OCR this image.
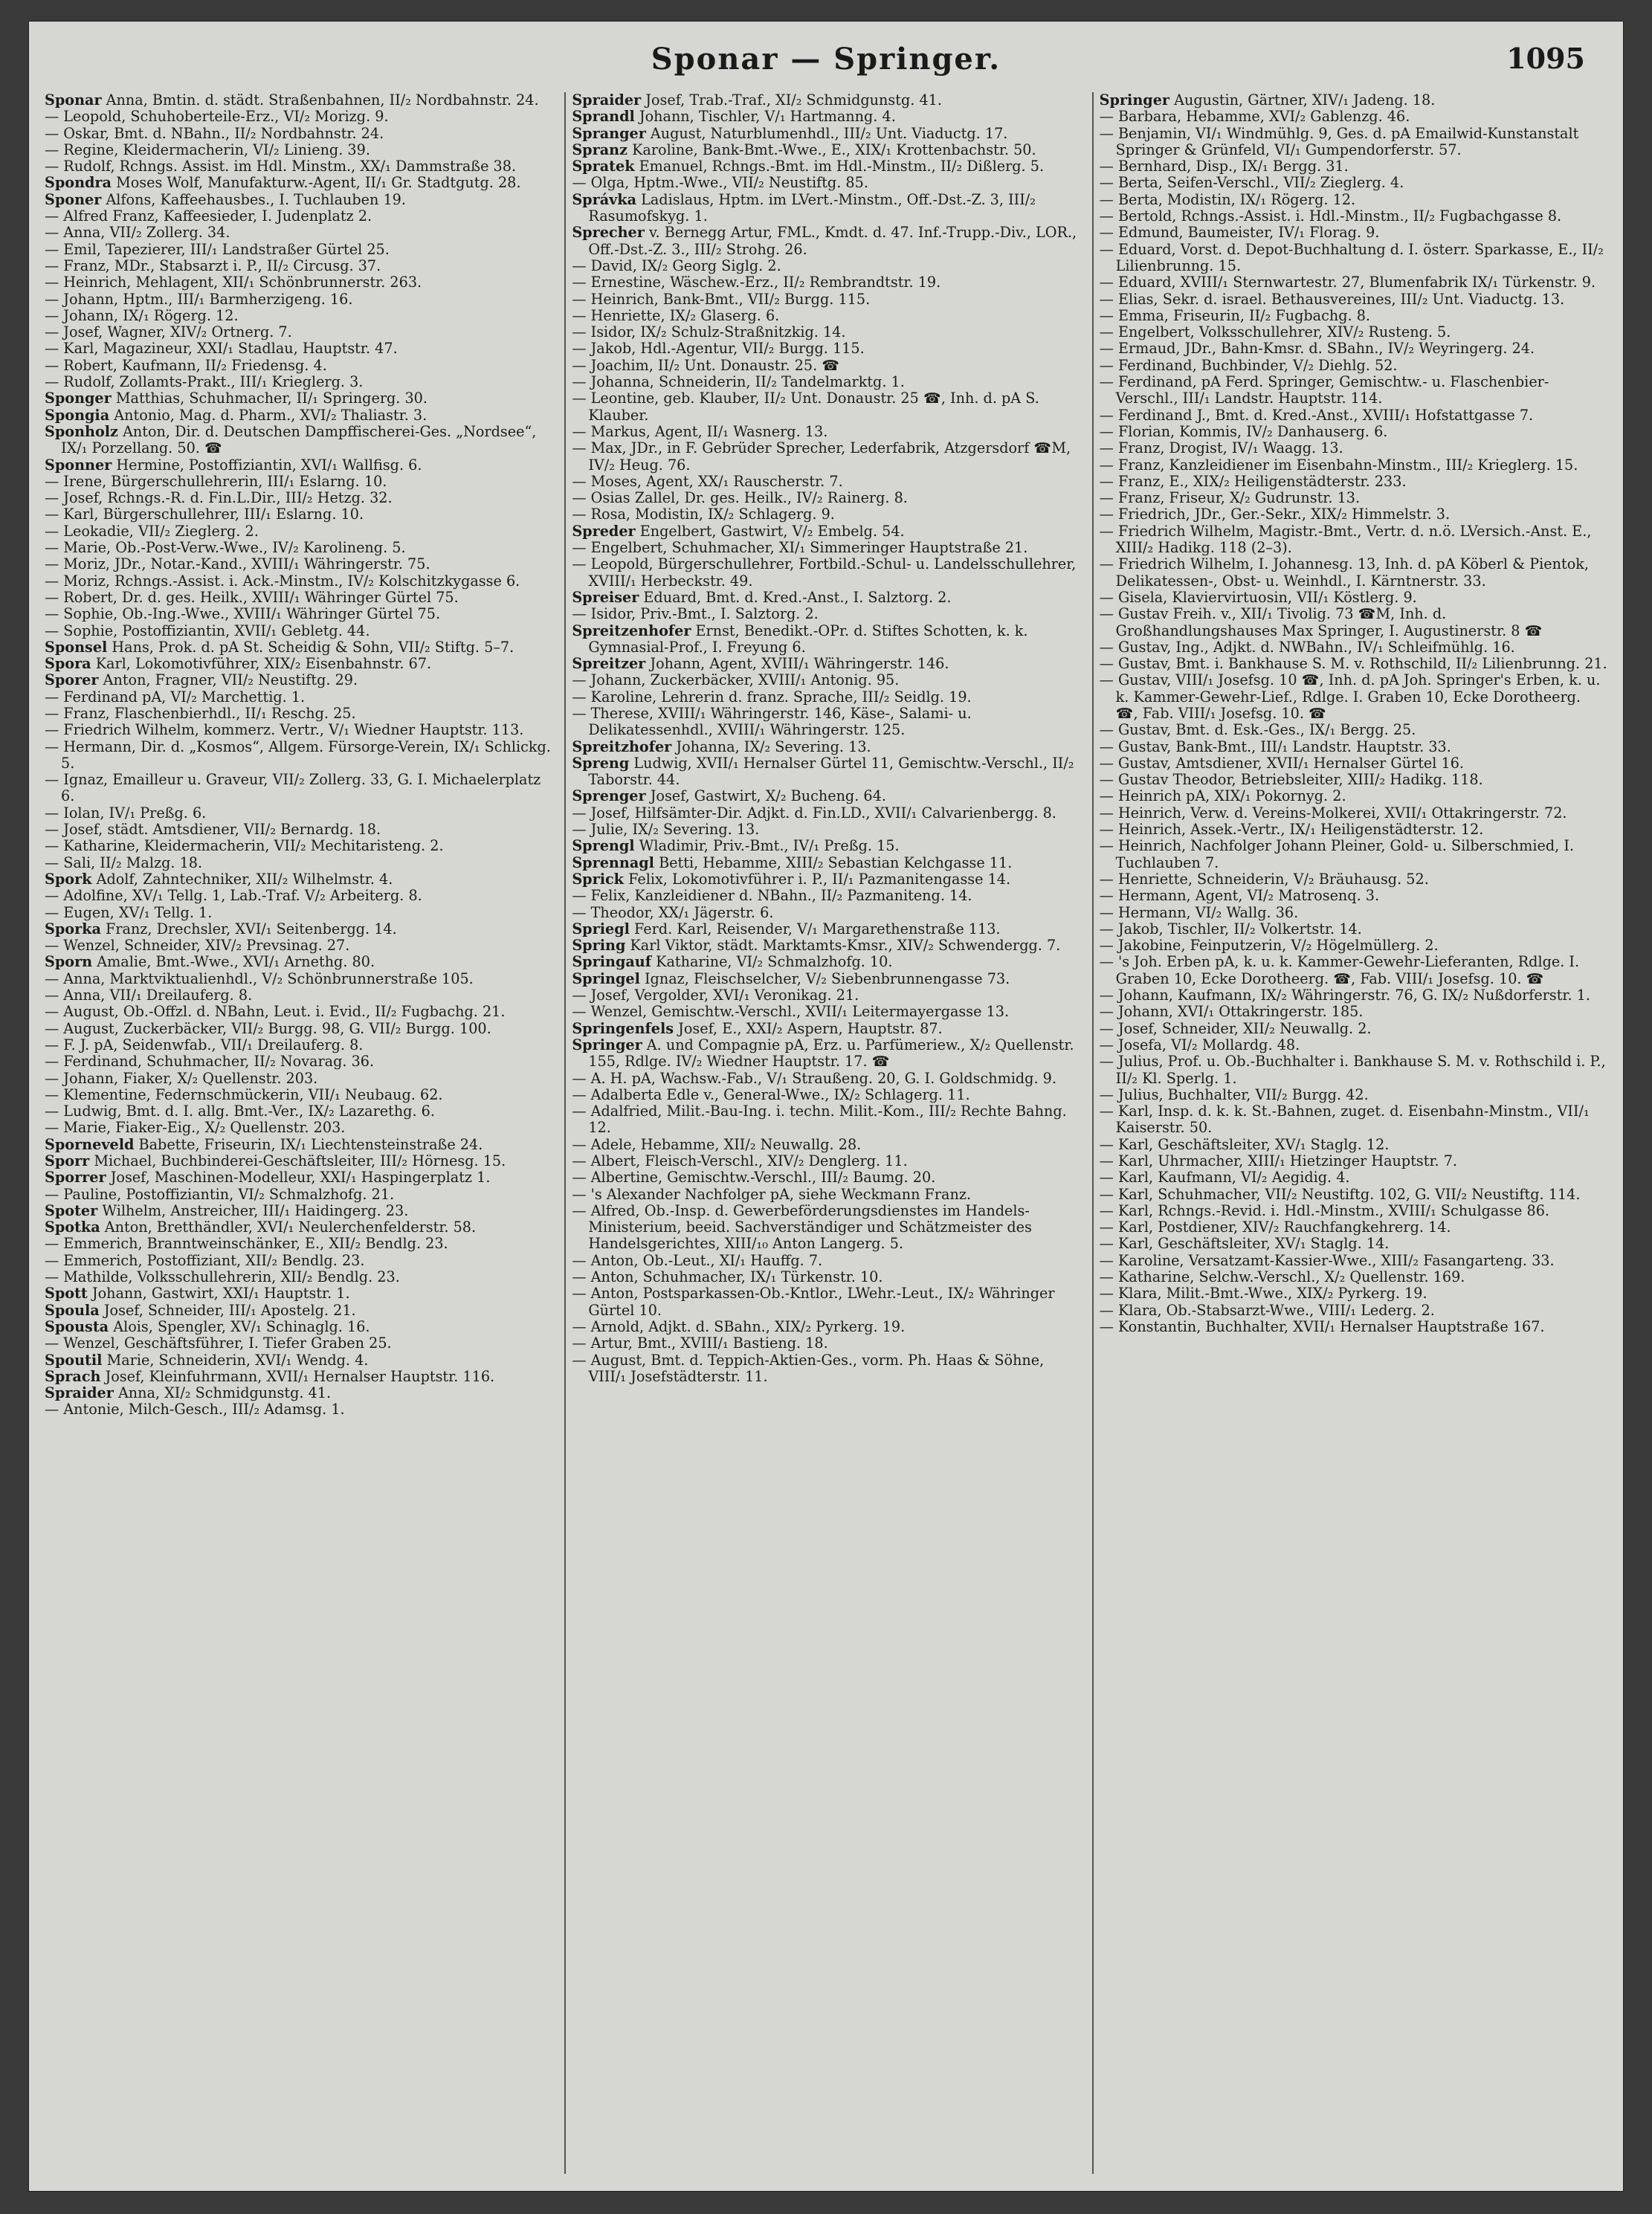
Sponar — Springer.	1095

Sponar Anna, Bmtin. d. städt. Straßenbahnen, II/₂ Nordbahnstr. 24.

— Leopold, Schuhoberteile-Erz., VI/₂ Morizg. 9.

— Oskar, Bmt. d. NBahn., II/₂ Nordbahnstr. 24.

— Regine, Kleidermacherin, VI/₂ Linieng. 39.

— Rudolf, Rchngs. Assist. im Hdl. Minstm., XX/₁ Dammstraße 38.

Spondra Moses Wolf, Manufakturw.-Agent, II/₁ Gr. Stadtgutg. 28.

Sponer Alfons, Kaffeehausbes., I. Tuchlauben 19.

— Alfred Franz, Kaffeesieder, I. Judenplatz 2.

— Anna, VII/₂ Zollerg. 34.

— Emil, Tapezierer, III/₁ Landstraßer Gürtel 25.

— Franz, MDr., Stabsarzt i. P., II/₂ Circusg. 37.

— Heinrich, Mehlagent, XII/₁ Schönbrunnerstr. 263.

— Johann, Hptm., III/₁ Barmherzigeng. 16.

— Johann, IX/₁ Rögerg. 12.

— Josef, Wagner, XIV/₂ Ortnerg. 7.

— Karl, Magazineur, XXI/₁ Stadlau, Hauptstr. 47.

— Robert, Kaufmann, II/₂ Friedensg. 4.

— Rudolf, Zollamts-Prakt., III/₁ Krieglerg. 3.

Sponger Matthias, Schuhmacher, II/₁ Springerg. 30.

Spongia Antonio, Mag. d. Pharm., XVI/₂ Thaliastr. 3.

Sponholz Anton, Dir. d. Deutschen Dampffischerei-Ges. „Nordsee“, IX/₁ Porzellang. 50. ☎

Sponner Hermine, Postoffiziantin, XVI/₁ Wallfisg. 6.

— Irene, Bürgerschullehrerin, III/₁ Eslarng. 10.

— Josef, Rchngs.-R. d. Fin.L.Dir., III/₂ Hetzg. 32.

— Karl, Bürgerschullehrer, III/₁ Eslarng. 10.

— Leokadie, VII/₂ Zieglerg. 2.

— Marie, Ob.-Post-Verw.-Wwe., IV/₂ Karolineng. 5.

— Moriz, JDr., Notar.-Kand., XVIII/₁ Währingerstr. 75.

— Moriz, Rchngs.-Assist. i. Ack.-Minstm., IV/₂ Kolschitzkygasse 6.

— Robert, Dr. d. ges. Heilk., XVIII/₁ Währinger Gürtel 75.

— Sophie, Ob.-Ing.-Wwe., XVIII/₁ Währinger Gürtel 75.

— Sophie, Postoffiziantin, XVII/₁ Gebletg. 44.

Sponsel Hans, Prok. d. pA St. Scheidig & Sohn, VII/₂ Stiftg. 5–7.

Spora Karl, Lokomotivführer, XIX/₂ Eisenbahnstr. 67.

Sporer Anton, Fragner, VII/₂ Neustiftg. 29.

— Ferdinand pA, VI/₂ Marchettig. 1.

— Franz, Flaschenbierhdl., II/₁ Reschg. 25.

— Friedrich Wilhelm, kommerz. Vertr., V/₁ Wiedner Hauptstr. 113.

— Hermann, Dir. d. „Kosmos“, Allgem. Fürsorge-Verein, IX/₁ Schlickg. 5.

— Ignaz, Emailleur u. Graveur, VII/₂ Zollerg. 33, G. I. Michaelerplatz 6.

— Iolan, IV/₁ Preßg. 6.

— Josef, städt. Amtsdiener, VII/₂ Bernardg. 18.

— Katharine, Kleidermacherin, VII/₂ Mechitaristeng. 2.

— Sali, II/₂ Malzg. 18.

Spork Adolf, Zahntechniker, XII/₂ Wilhelmstr. 4.

— Adolfine, XV/₁ Tellg. 1, Lab.-Traf. V/₂ Arbeiterg. 8.

— Eugen, XV/₁ Tellg. 1.

Sporka Franz, Drechsler, XVI/₁ Seitenbergg. 14.

— Wenzel, Schneider, XIV/₂ Prevsinag. 27.

Sporn Amalie, Bmt.-Wwe., XVI/₁ Arnethg. 80.

— Anna, Marktviktualienhdl., V/₂ Schönbrunnerstraße 105.

— Anna, VII/₁ Dreilauferg. 8.

— August, Ob.-Offzl. d. NBahn, Leut. i. Evid., II/₂ Fugbachg. 21.

— August, Zuckerbäcker, VII/₂ Burgg. 98, G. VII/₂ Burgg. 100.

— F. J. pA, Seidenwfab., VII/₁ Dreilauferg. 8.

— Ferdinand, Schuhmacher, II/₂ Novarag. 36.

— Johann, Fiaker, X/₂ Quellenstr. 203.

— Klementine, Federnschmückerin, VII/₁ Neubaug. 62.

— Ludwig, Bmt. d. I. allg. Bmt.-Ver., IX/₂ Lazarethg. 6.

— Marie, Fiaker-Eig., X/₂ Quellenstr. 203.

Sporneveld Babette, Friseurin, IX/₁ Liechtensteinstraße 24.

Sporr Michael, Buchbinderei-Geschäftsleiter, III/₂ Hörnesg. 15.

Sporrer Josef, Maschinen-Modelleur, XXI/₁ Haspingerplatz 1.

— Pauline, Postoffiziantin, VI/₂ Schmalzhofg. 21.

Spoter Wilhelm, Anstreicher, III/₁ Haidingerg. 23.

Spotka Anton, Bretthändler, XVI/₁ Neulerchenfelderstr. 58.

— Emmerich, Branntweinschänker, E., XII/₂ Bendlg. 23.

— Emmerich, Postoffiziant, XII/₂ Bendlg. 23.

— Mathilde, Volksschullehrerin, XII/₂ Bendlg. 23.

Spott Johann, Gastwirt, XXI/₁ Hauptstr. 1.

Spoula Josef, Schneider, III/₁ Apostelg. 21.

Spousta Alois, Spengler, XV/₁ Schinaglg. 16.

— Wenzel, Geschäftsführer, I. Tiefer Graben 25.

Spoutil Marie, Schneiderin, XVI/₁ Wendg. 4.

Sprach Josef, Kleinfuhrmann, XVII/₁ Hernalser Hauptstr. 116.

Spraider Anna, XI/₂ Schmidgunstg. 41.

— Antonie, Milch-Gesch., III/₂ Adamsg. 1.

Spraider Josef, Trab.-Traf., XI/₂ Schmidgunstg. 41.

Sprandl Johann, Tischler, V/₁ Hartmanng. 4.

Spranger August, Naturblumenhdl., III/₂ Unt. Viaductg. 17.

Spranz Karoline, Bank-Bmt.-Wwe., E., XIX/₁ Krottenbachstr. 50.

Spratek Emanuel, Rchngs.-Bmt. im Hdl.-Minstm., II/₂ Dißlerg. 5.

— Olga, Hptm.-Wwe., VII/₂ Neustiftg. 85.

Správka Ladislaus, Hptm. im LVert.-Minstm., Off.-Dst.-Z. 3, III/₂ Rasumofskyg. 1.

Sprecher v. Bernegg Artur, FML., Kmdt. d. 47. Inf.-Trupp.-Div., LOR., Off.-Dst.-Z. 3., III/₂ Strohg. 26.

— David, IX/₂ Georg Siglg. 2.

— Ernestine, Wäschew.-Erz., II/₂ Rembrandtstr. 19.

— Heinrich, Bank-Bmt., VII/₂ Burgg. 115.

— Henriette, IX/₂ Glaserg. 6.

— Isidor, IX/₂ Schulz-Straßnitzkig. 14.

— Jakob, Hdl.-Agentur, VII/₂ Burgg. 115.

— Joachim, II/₂ Unt. Donaustr. 25. ☎

— Johanna, Schneiderin, II/₂ Tandelmarktg. 1.

— Leontine, geb. Klauber, II/₂ Unt. Donaustr. 25 ☎, Inh. d. pA S. Klauber.

— Markus, Agent, II/₁ Wasnerg. 13.

— Max, JDr., in F. Gebrüder Sprecher, Lederfabrik, Atzgersdorf ☎M, IV/₂ Heug. 76.

— Moses, Agent, XX/₁ Rauscherstr. 7.

— Osias Zallel, Dr. ges. Heilk., IV/₂ Rainerg. 8.

— Rosa, Modistin, IX/₂ Schlagerg. 9.

Spreder Engelbert, Gastwirt, V/₂ Embelg. 54.

— Engelbert, Schuhmacher, XI/₁ Simmeringer Hauptstraße 21.

— Leopold, Bürgerschullehrer, Fortbild.-Schul- u. Landelsschullehrer, XVIII/₁ Herbeckstr. 49.

Spreiser Eduard, Bmt. d. Kred.-Anst., I. Salztorg. 2.

— Isidor, Priv.-Bmt., I. Salztorg. 2.

Spreitzenhofer Ernst, Benedikt.-OPr. d. Stiftes Schotten, k. k. Gymnasial-Prof., I. Freyung 6.

Spreitzer Johann, Agent, XVIII/₁ Währingerstr. 146.

— Johann, Zuckerbäcker, XVIII/₁ Antonig. 95.

— Karoline, Lehrerin d. franz. Sprache, III/₂ Seidlg. 19.

— Therese, XVIII/₁ Währingerstr. 146, Käse-, Salami- u. Delikatessenhdl., XVIII/₁ Währingerstr. 125.

Spreitzhofer Johanna, IX/₂ Severing. 13.

Spreng Ludwig, XVII/₁ Hernalser Gürtel 11, Gemischtw.-Verschl., II/₂ Taborstr. 44.

Sprenger Josef, Gastwirt, X/₂ Bucheng. 64.

— Josef, Hilfsämter-Dir. Adjkt. d. Fin.LD., XVII/₁ Calvarienbergg. 8.

— Julie, IX/₂ Severing. 13.

Sprengl Wladimir, Priv.-Bmt., IV/₁ Preßg. 15.

Sprennagl Betti, Hebamme, XIII/₂ Sebastian Kelchgasse 11.

Sprick Felix, Lokomotivführer i. P., II/₁ Pazmanitengasse 14.

— Felix, Kanzleidiener d. NBahn., II/₂ Pazmaniteng. 14.

— Theodor, XX/₁ Jägerstr. 6.

Spriegl Ferd. Karl, Reisender, V/₁ Margarethenstraße 113.

Spring Karl Viktor, städt. Marktamts-Kmsr., XIV/₂ Schwendergg. 7.

Springauf Katharine, VI/₂ Schmalzhofg. 10.

Springel Ignaz, Fleischselcher, V/₂ Siebenbrunnengasse 73.

— Josef, Vergolder, XVI/₁ Veronikag. 21.

— Wenzel, Gemischtw.-Verschl., XVII/₁ Leitermayergasse 13.

Springenfels Josef, E., XXI/₂ Aspern, Hauptstr. 87.

Springer A. und Compagnie pA, Erz. u. Parfümeriew., X/₂ Quellenstr. 155, Rdlge. IV/₂ Wiedner Hauptstr. 17. ☎

— A. H. pA, Wachsw.-Fab., V/₁ Straußeng. 20, G. I. Goldschmidg. 9.

— Adalberta Edle v., General-Wwe., IX/₂ Schlagerg. 11.

— Adalfried, Milit.-Bau-Ing. i. techn. Milit.-Kom., III/₂ Rechte Bahng. 12.

— Adele, Hebamme, XII/₂ Neuwallg. 28.

— Albert, Fleisch-Verschl., XIV/₂ Denglerg. 11.

— Albertine, Gemischtw.-Verschl., III/₂ Baumg. 20.

— 's Alexander Nachfolger pA, siehe Weckmann Franz.

— Alfred, Ob.-Insp. d. Gewerbeförderungsdienstes im Handels-Ministerium, beeid. Sachverständiger und Schätzmeister des Handelsgerichtes, XIII/₁₀ Anton Langerg. 5.

— Anton, Ob.-Leut., XI/₁ Hauffg. 7.

— Anton, Schuhmacher, IX/₁ Türkenstr. 10.

— Anton, Postsparkassen-Ob.-Kntlor., LWehr.-Leut., IX/₂ Währinger Gürtel 10.

— Arnold, Adjkt. d. SBahn., XIX/₂ Pyrkerg. 19.

— Artur, Bmt., XVIII/₁ Bastieng. 18.

— August, Bmt. d. Teppich-Aktien-Ges., vorm. Ph. Haas & Söhne, VIII/₁ Josefstädterstr. 11.

Springer Augustin, Gärtner, XIV/₁ Jadeng. 18.

— Barbara, Hebamme, XVI/₂ Gablenzg. 46.

— Benjamin, VI/₁ Windmühlg. 9, Ges. d. pA Emailwid-Kunstanstalt Springer & Grünfeld, VI/₁ Gumpendorferstr. 57.

— Bernhard, Disp., IX/₁ Bergg. 31.

— Berta, Seifen-Verschl., VII/₂ Zieglerg. 4.

— Berta, Modistin, IX/₁ Rögerg. 12.

— Bertold, Rchngs.-Assist. i. Hdl.-Minstm., II/₂ Fugbachgasse 8.

— Edmund, Baumeister, IV/₁ Florag. 9.

— Eduard, Vorst. d. Depot-Buchhaltung d. I. österr. Sparkasse, E., II/₂ Lilienbrunng. 15.

— Eduard, XVIII/₁ Sternwartestr. 27, Blumenfabrik IX/₁ Türkenstr. 9.

— Elias, Sekr. d. israel. Bethausvereines, III/₂ Unt. Viaductg. 13.

— Emma, Friseurin, II/₂ Fugbachg. 8.

— Engelbert, Volksschullehrer, XIV/₂ Rusteng. 5.

— Ermaud, JDr., Bahn-Kmsr. d. SBahn., IV/₂ Weyringerg. 24.

— Ferdinand, Buchbinder, V/₂ Diehlg. 52.

— Ferdinand, pA Ferd. Springer, Gemischtw.- u. Flaschenbier-Verschl., III/₁ Landstr. Hauptstr. 114.

— Ferdinand J., Bmt. d. Kred.-Anst., XVIII/₁ Hofstattgasse 7.

— Florian, Kommis, IV/₂ Danhauserg. 6.

— Franz, Drogist, IV/₁ Waagg. 13.

— Franz, Kanzleidiener im Eisenbahn-Minstm., III/₂ Krieglerg. 15.

— Franz, E., XIX/₂ Heiligenstädterstr. 233.

— Franz, Friseur, X/₂ Gudrunstr. 13.

— Friedrich, JDr., Ger.-Sekr., XIX/₂ Himmelstr. 3.

— Friedrich Wilhelm, Magistr.-Bmt., Vertr. d. n.ö. LVersich.-Anst. E., XIII/₂ Hadikg. 118 (2–3).

— Friedrich Wilhelm, I. Johannesg. 13, Inh. d. pA Köberl & Pientok, Delikatessen-, Obst- u. Weinhdl., I. Kärntnerstr. 33.

— Gisela, Klaviervirtuosin, VII/₁ Köstlerg. 9.

— Gustav Freih. v., XII/₁ Tivolig. 73 ☎M, Inh. d. Großhandlungshauses Max Springer, I. Augustinerstr. 8 ☎

— Gustav, Ing., Adjkt. d. NWBahn., IV/₁ Schleifmühlg. 16.

— Gustav, Bmt. i. Bankhause S. M. v. Rothschild, II/₂ Lilienbrunng. 21.

— Gustav, VIII/₁ Josefsg. 10 ☎, Inh. d. pA Joh. Springer's Erben, k. u. k. Kammer-Gewehr-Lief., Rdlge. I. Graben 10, Ecke Dorotheerg. ☎, Fab. VIII/₁ Josefsg. 10. ☎

— Gustav, Bmt. d. Esk.-Ges., IX/₁ Bergg. 25.

— Gustav, Bank-Bmt., III/₁ Landstr. Hauptstr. 33.

— Gustav, Amtsdiener, XVII/₁ Hernalser Gürtel 16.

— Gustav Theodor, Betriebsleiter, XIII/₂ Hadikg. 118.

— Heinrich pA, XIX/₁ Pokornyg. 2.

— Heinrich, Verw. d. Vereins-Molkerei, XVII/₁ Ottakringerstr. 72.

— Heinrich, Assek.-Vertr., IX/₁ Heiligenstädterstr. 12.

— Heinrich, Nachfolger Johann Pleiner, Gold- u. Silberschmied, I. Tuchlauben 7.

— Henriette, Schneiderin, V/₂ Bräuhausg. 52.

— Hermann, Agent, VI/₂ Matrosenq. 3.

— Hermann, VI/₂ Wallg. 36.

— Jakob, Tischler, II/₂ Volkertstr. 14.

— Jakobine, Feinputzerin, V/₂ Högelmüllerg. 2.

— 's Joh. Erben pA, k. u. k. Kammer-Gewehr-Lieferanten, Rdlge. I. Graben 10, Ecke Dorotheerg. ☎, Fab. VIII/₁ Josefsg. 10. ☎

— Johann, Kaufmann, IX/₂ Währingerstr. 76, G. IX/₂ Nußdorferstr. 1.

— Johann, XVI/₁ Ottakringerstr. 185.

— Josef, Schneider, XII/₂ Neuwallg. 2.

— Josefa, VI/₂ Mollardg. 48.

— Julius, Prof. u. Ob.-Buchhalter i. Bankhause S. M. v. Rothschild i. P., II/₂ Kl. Sperlg. 1.

— Julius, Buchhalter, VII/₂ Burgg. 42.

— Karl, Insp. d. k. k. St.-Bahnen, zuget. d. Eisenbahn-Minstm., VII/₁ Kaiserstr. 50.

— Karl, Geschäftsleiter, XV/₁ Staglg. 12.

— Karl, Uhrmacher, XIII/₁ Hietzinger Hauptstr. 7.

— Karl, Kaufmann, VI/₂ Aegidig. 4.

— Karl, Schuhmacher, VII/₂ Neustiftg. 102, G. VII/₂ Neustiftg. 114.

— Karl, Rchngs.-Revid. i. Hdl.-Minstm., XVIII/₁ Schulgasse 86.

— Karl, Postdiener, XIV/₂ Rauchfangkehrerg. 14.

— Karl, Geschäftsleiter, XV/₁ Staglg. 14.

— Karoline, Versatzamt-Kassier-Wwe., XIII/₂ Fasangarteng. 33.

— Katharine, Selchw.-Verschl., X/₂ Quellenstr. 169.

— Klara, Milit.-Bmt.-Wwe., XIX/₂ Pyrkerg. 19.

— Klara, Ob.-Stabsarzt-Wwe., VIII/₁ Lederg. 2.

— Konstantin, Buchhalter, XVII/₁ Hernalser Hauptstraße 167.
